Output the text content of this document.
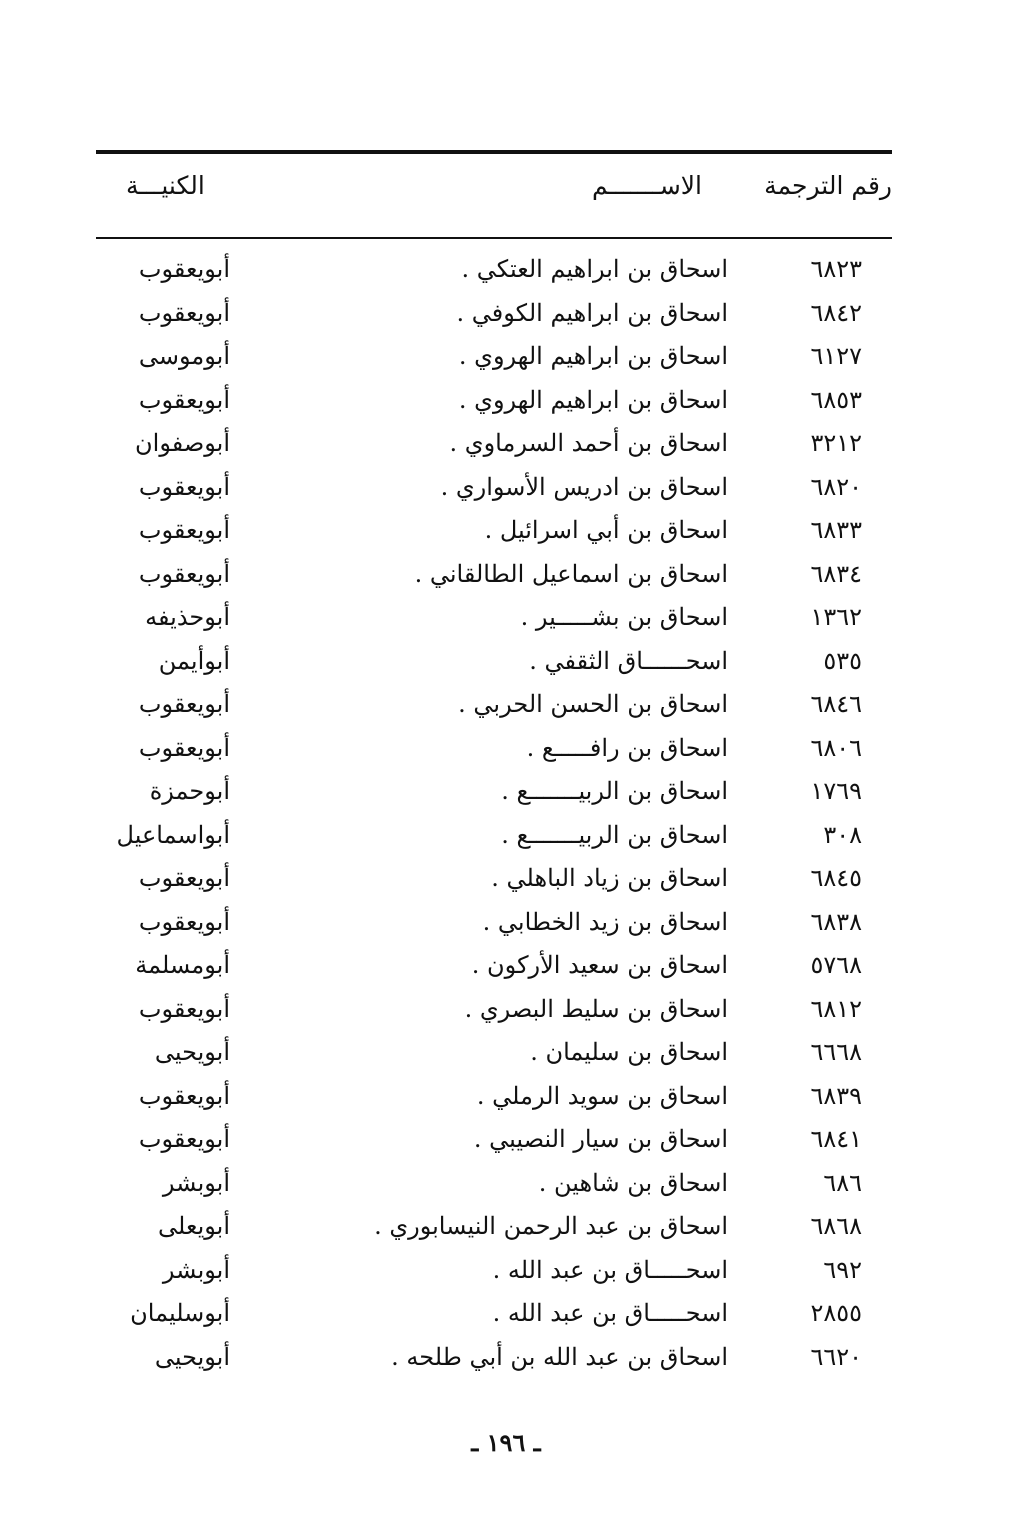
رقم الترجمة
الاســـــــم
الكنيـــة
٦٨٢٣
اسحاق بن ابراهيم العتكي .
أبويعقوب
٦٨٤٢
اسحاق بن ابراهيم الكوفي .
أبويعقوب
٦١٢٧
اسحاق بن ابراهيم الهروي .
أبوموسى
٦٨٥٣
اسحاق بن ابراهيم الهروي .
أبويعقوب
٣٢١٢
اسحاق بن أحمد السرماوي .
أبوصفوان
٦٨٢٠
اسحاق بن ادريس الأسواري .
أبويعقوب
٦٨٣٣
اسحاق بن أبي اسرائيل .
أبويعقوب
٦٨٣٤
اسحاق بن اسماعيل الطالقاني .
أبويعقوب
١٣٦٢
اسحاق بن بشـــــير .
أبوحذيفه
٥٣٥
اسحــــــاق الثقفي .
أبوأيمن
٦٨٤٦
اسحاق بن الحسن الحربي .
أبويعقوب
٦٨٠٦
اسحاق بن رافـــــع .
أبويعقوب
١٧٦٩
اسحاق بن الربيـــــــع .
أبوحمزة
٣٠٨
اسحاق بن الربيـــــــع .
أبواسماعيل
٦٨٤٥
اسحاق بن زياد الباهلي .
أبويعقوب
٦٨٣٨
اسحاق بن زيد الخطابي .
أبويعقوب
٥٧٦٨
اسحاق بن سعيد الأركون .
أبومسلمة
٦٨١٢
اسحاق بن سليط البصري .
أبويعقوب
٦٦٦٨
اسحاق بن سليمان .
أبويحيى
٦٨٣٩
اسحاق بن سويد الرملي .
أبويعقوب
٦٨٤١
اسحاق بن سيار النصيبي .
أبويعقوب
٦٨٦
اسحاق بن شاهين .
أبوبشر
٦٨٦٨
اسحاق بن عبد الرحمن النيسابوري .
أبويعلى
٦٩٢
اسحـــــاق بن عبد الله .
أبوبشر
٢٨٥٥
اسحـــــاق بن عبد الله .
أبوسليمان
٦٦٢٠
اسحاق بن عبد الله بن أبي طلحه .
أبويحيى
ـ ١٩٦ ـ
